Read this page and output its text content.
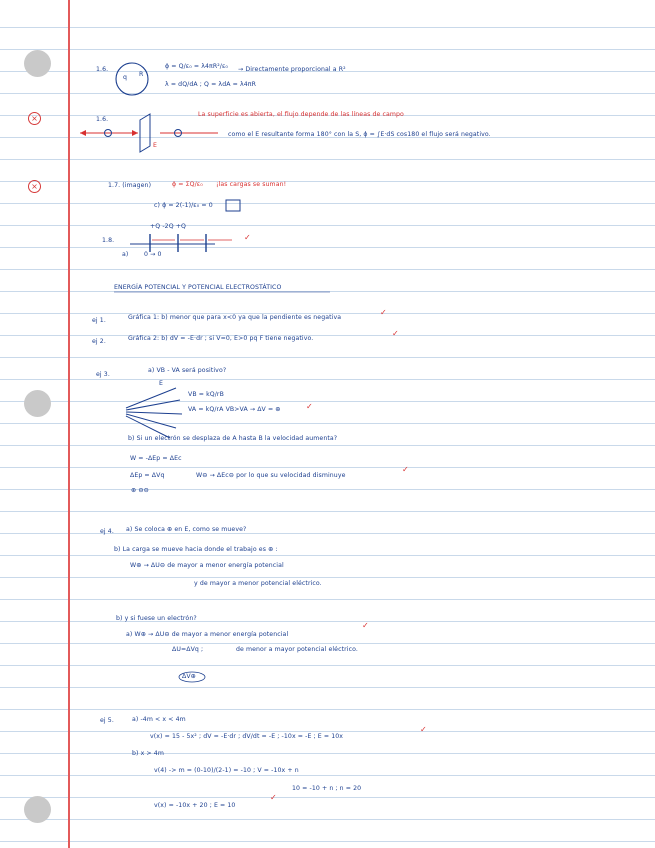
×
×
1.6.
q R
ϕ = Q/ε₀ = λ4πR²/ε₀ → Directamente proporcional a R²
λ = dQ/dA ; Q = λdA = λ4πR
1.6.
La superficie es abierta, el flujo depende de las líneas de campo
E
como el E resultante forma 180° con la S, ϕ = ∫E·dS cos180 el flujo será negativo.
1.7. (imagen)	ϕ = ΣQ/ε₀ ¡las cargas se suman!
c) ϕ = 2(-1)/ε₀ = 0
1.8.
+Q -2Q +Q
a)	0 → 0
✓
ENERGÍA POTENCIAL Y POTENCIAL ELECTROSTÁTICO
ej 1.	Gráfica 1: b) menor que para x<0 ya que la pendiente es negativa
✓
ej 2.	Gráfica 2: b) dV = -E·dr ; si V=0, E>0 pq F tiene negativo.
✓
ej 3.
a) VB - VA será positivo?
E
VB = kQ/rB
VA = kQ/rA VB>VA → ΔV = ⊕	✓
b) Si un electrón se desplaza de A hasta B la velocidad aumenta?
W = -ΔEp = ΔEc
ΔEp = ΔVq	W⊖ → ΔEc⊖ por lo que su velocidad disminuye
✓
⊕ ⊖⊖
ej 4. a) Se coloca ⊕ en E, como se mueve?
b) La carga se mueve hacia donde el trabajo es ⊕ :
W⊕ → ΔU⊖ de mayor a menor energía potencial
y de mayor a menor potencial eléctrico.
b) y si fuese un electrón?
a) W⊕ → ΔU⊖ de mayor a menor energía potencial
✓
ΔU=ΔVq ;	de menor a mayor potencial eléctrico.
ΔV⊕
ej 5.	a) -4m < x < 4m
v(x) = 15 - 5x² ; dV = -E·dr ; dV/dt = -E ; -10x = -E ; E = 10x
✓
b) x > 4m
v(4) -> m = (0-10)/(2-1) = -10 ; V = -10x + n
10 = -10 + n ; n = 20
v(x) = -10x + 20 ; E = 10
✓
